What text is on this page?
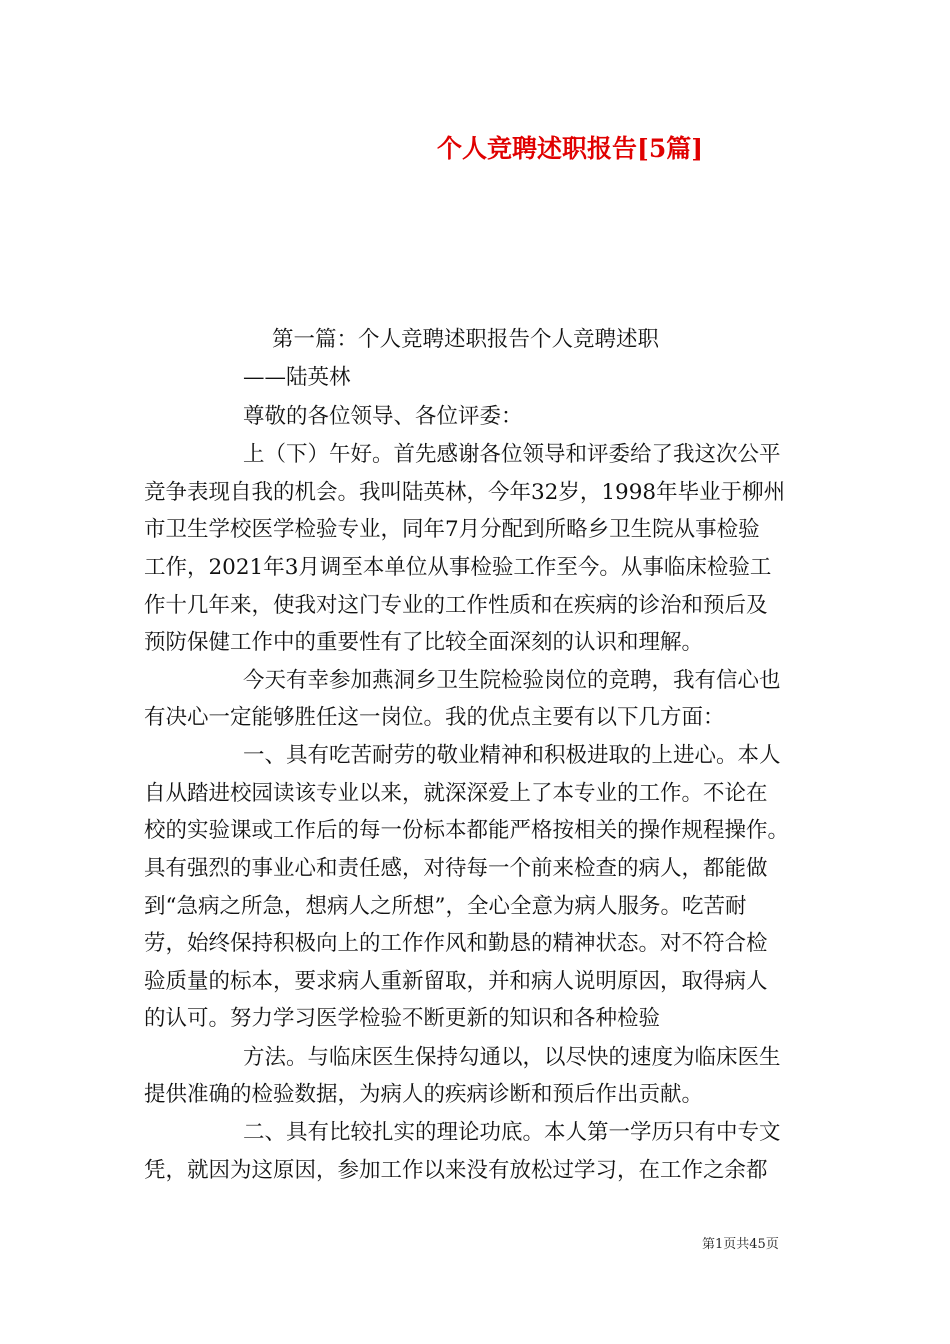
个人竞聘述职报告[5篇]
第一篇：个人竞聘述职报告个人竞聘述职
——陆英林
尊敬的各位领导、各位评委：
上（下）午好。首先感谢各位领导和评委给了我这次公平
竞争表现自我的机会。我叫陆英林，今年32岁，1998年毕业于柳州
市卫生学校医学检验专业，同年7月分配到所略乡卫生院从事检验
工作，2021年3月调至本单位从事检验工作至今。从事临床检验工
作十几年来，使我对这门专业的工作性质和在疾病的诊治和预后及
预防保健工作中的重要性有了比较全面深刻的认识和理解。
今天有幸参加燕洞乡卫生院检验岗位的竞聘，我有信心也
有决心一定能够胜任这一岗位。我的优点主要有以下几方面：
一、具有吃苦耐劳的敬业精神和积极进取的上进心。本人
自从踏进校园读该专业以来，就深深爱上了本专业的工作。不论在
校的实验课或工作后的每一份标本都能严格按相关的操作规程操作。
具有强烈的事业心和责任感，对待每一个前来检查的病人，都能做
到“急病之所急，想病人之所想”，全心全意为病人服务。吃苦耐
劳，始终保持积极向上的工作作风和勤恳的精神状态。对不符合检
验质量的标本，要求病人重新留取，并和病人说明原因，取得病人
的认可。努力学习医学检验不断更新的知识和各种检验
方法。与临床医生保持勾通以，以尽快的速度为临床医生
提供准确的检验数据，为病人的疾病诊断和预后作出贡献。
二、具有比较扎实的理论功底。本人第一学历只有中专文
凭，就因为这原因，参加工作以来没有放松过学习，在工作之余都
第1页共45页
